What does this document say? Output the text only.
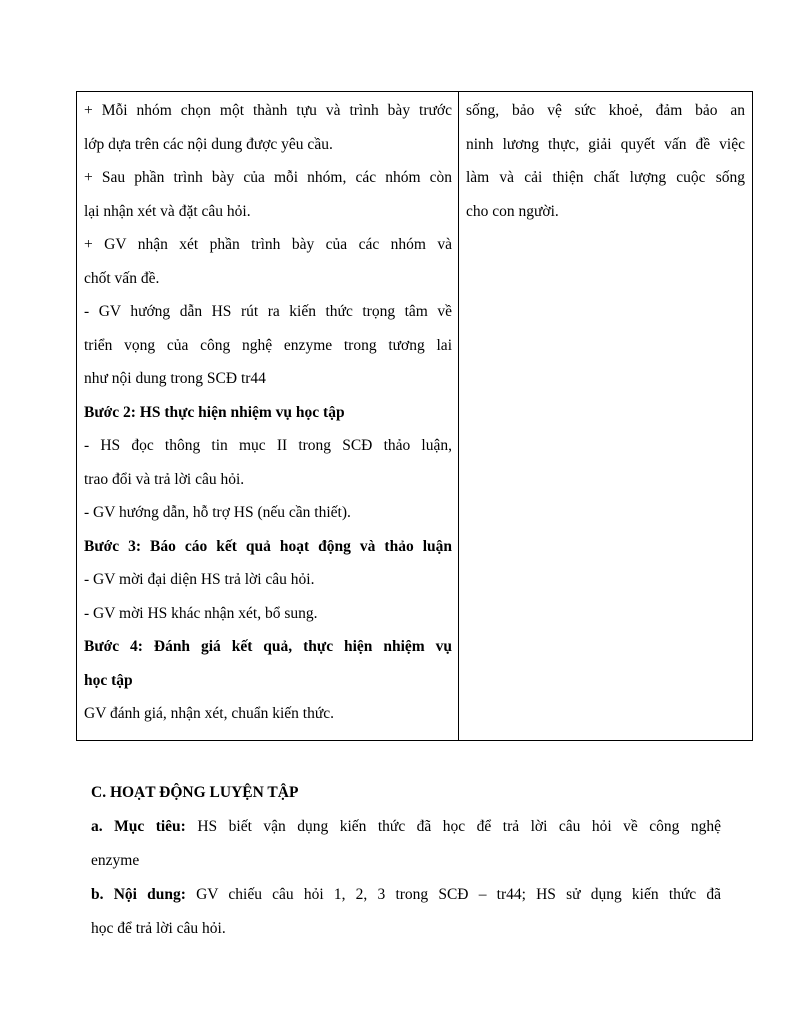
+ Mỗi nhóm chọn một thành tựu và trình bày trước
lớp dựa trên các nội dung được yêu cầu.
+ Sau phần trình bày của mỗi nhóm, các nhóm còn
lại nhận xét và đặt câu hỏi.
+ GV nhận xét phần trình bày của các nhóm và
chốt vấn đề.
- GV hướng dẫn HS rút ra kiến thức trọng tâm về
triển vọng của công nghệ enzyme trong tương lai
như nội dung trong SCĐ tr44
Bước 2: HS thực hiện nhiệm vụ học tập
- HS đọc thông tin mục II trong SCĐ thảo luận,
trao đổi và trả lời câu hỏi.
- GV hướng dẫn, hỗ trợ HS (nếu cần thiết).
Bước 3: Báo cáo kết quả hoạt động và thảo luận
- GV mời đại diện HS trả lời câu hỏi.
- GV mời HS khác nhận xét, bổ sung.
Bước 4: Đánh giá kết quả, thực hiện nhiệm vụ
học tập
GV đánh giá, nhận xét, chuẩn kiến thức.
sống, bảo vệ sức khoẻ, đảm bảo an
ninh lương thực, giải quyết vấn đề việc
làm và cải thiện chất lượng cuộc sống
cho con người.
C. HOẠT ĐỘNG LUYỆN TẬP
a. Mục tiêu: HS biết vận dụng kiến thức đã học để trả lời câu hỏi về công nghệ
enzyme
b. Nội dung: GV chiếu câu hỏi 1, 2, 3 trong SCĐ – tr44; HS sử dụng kiến thức đã
học để trả lời câu hỏi.
